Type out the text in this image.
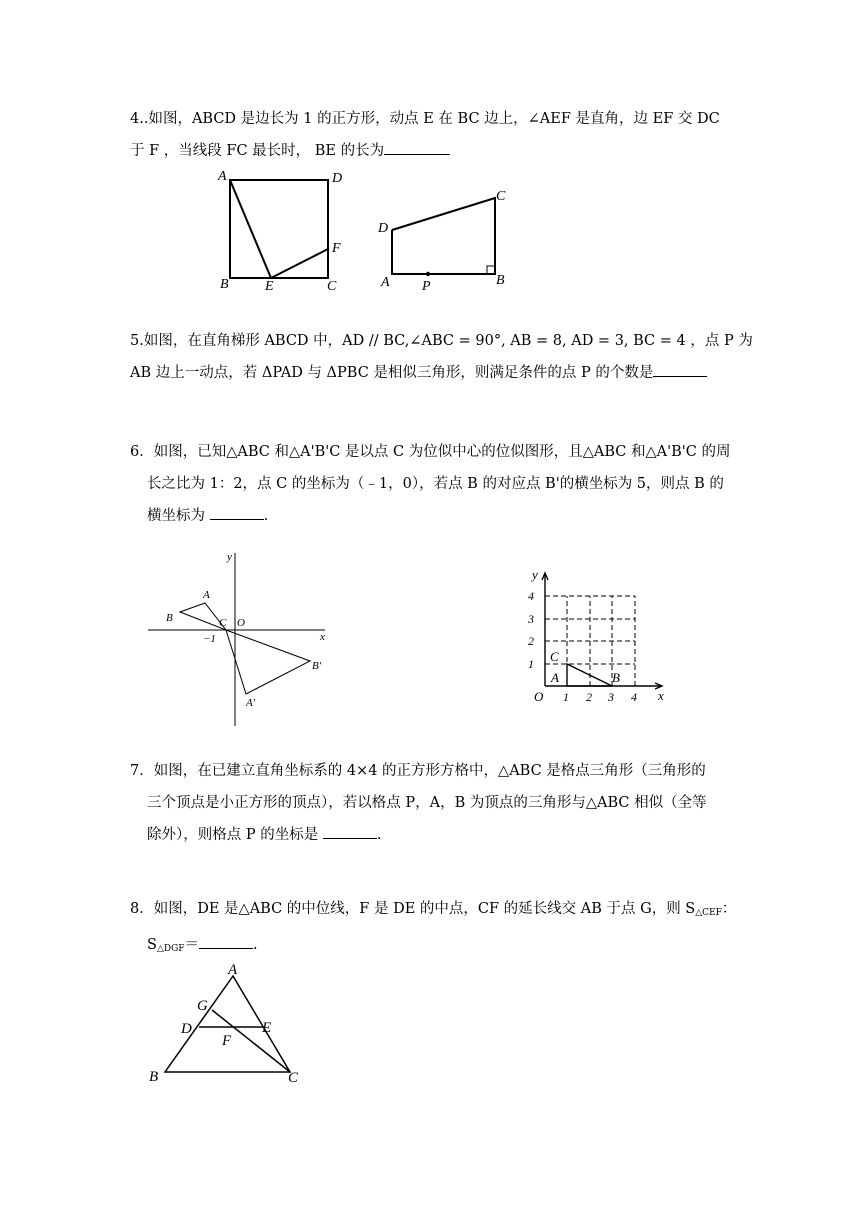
4..如图，ABCD 是边长为 1 的正方形，动点 E 在 BC 边上，∠AEF 是直角，边 EF 交 DC
于 F ，当线段 FC 最长时， BE 的长为
A	D
B	E	C
F
D
C
A P	B
5.如图，在直角梯形 ABCD 中，AD // BC,∠ABC = 90°, AB = 8, AD = 3, BC = 4 ，点 P 为
AB 边上一动点，若 ΔPAD 与 ΔPBC 是相似三角形，则满足条件的点 P 的个数是
6．如图，已知△ABC 和△A'B'C 是以点 C 为位似中心的位似图形，且△ABC 和△A'B'C 的周
长之比为 1：2，点 C 的坐标为（﹣1，0），若点 B 的对应点 B'的横坐标为 5，则点 B 的
横坐标为	.
y
x
A
B	C O
−1
B′
A′
y
x
O
A	B
C
1 2 3 4
1
2
3
4
7．如图，在已建立直角坐标系的 4×4 的正方形方格中，△ABC 是格点三角形（三角形的
三个顶点是小正方形的顶点），若以格点 P，A，B 为顶点的三角形与△ABC 相似（全等
除外），则格点 P 的坐标是	.
8．如图，DE 是△ABC 的中位线，F 是 DE 的中点，CF 的延长线交 AB 于点 G，则 $S_{\triangle CEF}$：
$S_{\triangle DGF}=$	.
A
G
D	E
F
B	C
